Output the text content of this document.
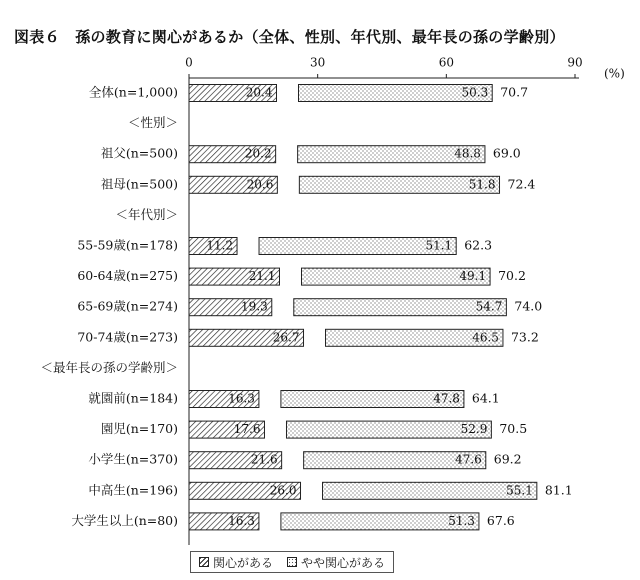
図表６　孫の教育に関心があるか（全体、性別、年代別、最年長の孫の学齢別）
0	30	60	90
(%)
全体(n=1,000)	20.4	50.3 70.7
＜性別＞
祖父(n=500)	20.2	48.8 69.0
祖母(n=500)	20.6	51.8 72.4
＜年代別＞
55-59歳(n=178) 11.2	51.1 62.3
60-64歳(n=275)	21.1	49.1 70.2
65-69歳(n=274)	19.3	54.7 74.0
70-74歳(n=273)	26.7	46.5 73.2
＜最年長の孫の学齢別＞
就園前(n=184)	16.3	47.8 64.1
園児(n=170)	17.6	52.9 70.5
小学生(n=370)	21.6	47.6 69.2
中高生(n=196)	26.0	55.1 81.1
大学生以上(n=80)	16.3	51.3 67.6
関心がある やや関心がある
